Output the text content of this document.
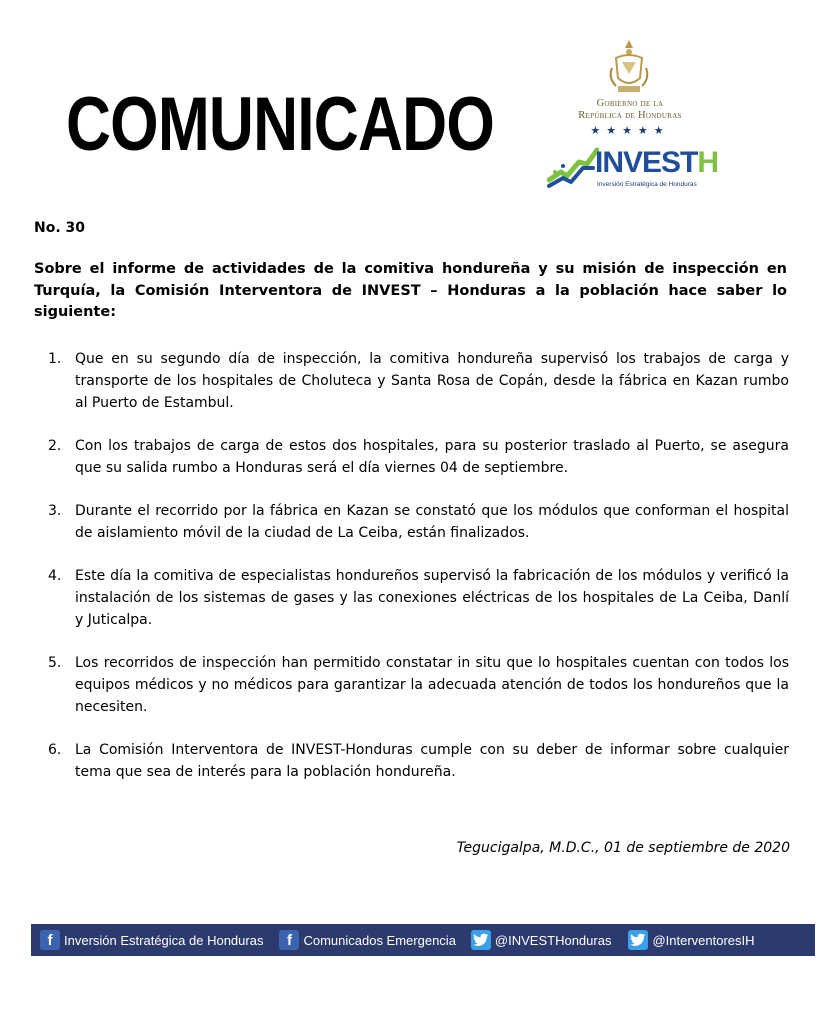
COMUNICADO	Gobierno de la
República de Honduras
★★★★★
INVESTH
Inversión Estratégica de Honduras
No. 30
Sobre el informe de actividades de la comitiva hondureña y su misión de inspección en Turquía, la Comisión Interventora de INVEST – Honduras a la población hace saber lo siguiente:
1. Que en su segundo día de inspección, la comitiva hondureña supervisó los trabajos de carga y transporte de los hospitales de Choluteca y Santa Rosa de Copán, desde la fábrica en Kazan rumbo al Puerto de Estambul.
2. Con los trabajos de carga de estos dos hospitales, para su posterior traslado al Puerto, se asegura que su salida rumbo a Honduras será el día viernes 04 de septiembre.
3. Durante el recorrido por la fábrica en Kazan se constató que los módulos que conforman el hospital de aislamiento móvil de la ciudad de La Ceiba, están finalizados.
4. Este día la comitiva de especialistas hondureños supervisó la fabricación de los módulos y verificó la instalación de los sistemas de gases y las conexiones eléctricas de los hospitales de La Ceiba, Danlí y Juticalpa.
5. Los recorridos de inspección han permitido constatar in situ que lo hospitales cuentan con todos los equipos médicos y no médicos para garantizar la adecuada atención de todos los hondureños que la necesiten.
6. La Comisión Interventora de INVEST-Honduras cumple con su deber de informar sobre cualquier tema que sea de interés para la población hondureña.
Tegucigalpa, M.D.C., 01 de septiembre de 2020
f Inversión Estratégica de Honduras	f Comunicados Emergencia	@INVESTHonduras	@InterventoresIH
